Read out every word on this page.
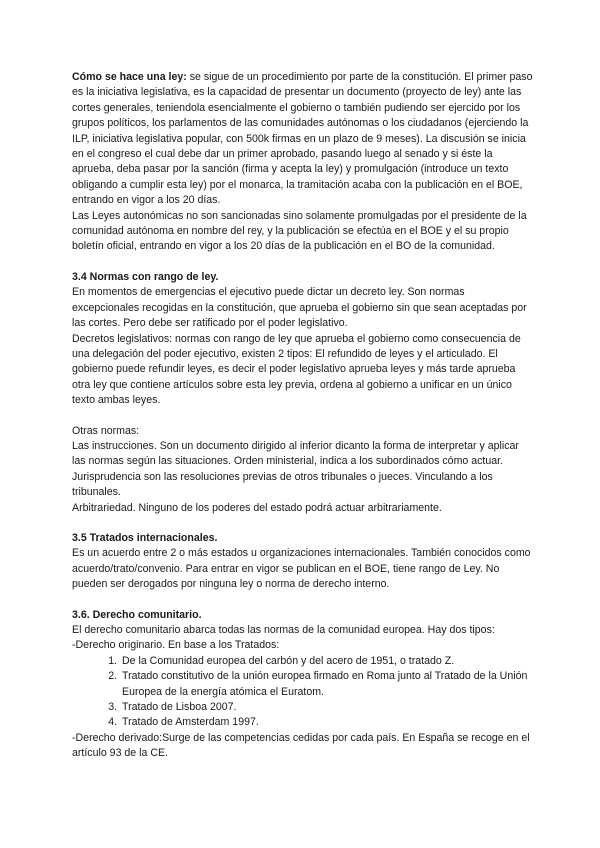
Cómo se hace una ley: se sigue de un procedimiento por parte de la constitución. El primer paso es la iniciativa legislativa, es la capacidad de presentar un documento (proyecto de ley) ante las cortes generales, teniendola esencialmente el gobierno o también pudiendo ser ejercido por los grupos políticos, los parlamentos de las comunidades autónomas o los ciudadanos (ejerciendo la ILP, iniciativa legislativa popular, con 500k firmas en un plazo de 9 meses). La discusión se inicia en el congreso el cual debe dar un primer aprobado, pasando luego al senado y si éste la aprueba, deba pasar por la sanción (firma y acepta la ley) y promulgación (introduce un texto obligando a cumplir esta ley) por el monarca, la tramitación acaba con la publicación en el BOE, entrando en vigor a los 20 días.

Las Leyes autonómicas no son sancionadas sino solamente promulgadas por el presidente de la comunidad autónoma en nombre del rey, y la publicación se efectúa en el BOE y el su propio boletín oficial, entrando en vigor a los 20 días de la publicación en el BO de la comunidad.

3.4 Normas con rango de ley.

En momentos de emergencias el ejecutivo puede dictar un decreto ley. Son normas excepcionales recogidas en la constitución, que aprueba el gobierno sin que sean aceptadas por las cortes. Pero debe ser ratificado por el poder legislativo.

Decretos legislativos: normas con rango de ley que aprueba el gobierno como consecuencia de una delegación del poder ejecutivo, existen 2 tipos: El refundido de leyes y el articulado. El gobierno puede refundir leyes, es decir el poder legislativo aprueba leyes y más tarde aprueba otra ley que contiene artículos sobre esta ley previa, ordena al gobierno a unificar en un único texto ambas leyes.

Otras normas:

Las instrucciones. Son un documento dirigido al inferior dicanto la forma de interpretar y aplicar las normas según las situaciones. Orden ministerial, indica a los subordinados cómo actuar.

Jurisprudencia son las resoluciones previas de otros tribunales o jueces. Vinculando a los tribunales.

Arbitrariedad. Ninguno de los poderes del estado podrá actuar arbitrariamente.

3.5 Tratados internacionales.

Es un acuerdo entre 2 o más estados u organizaciones internacionales. También conocidos como acuerdo/trato/convenio. Para entrar en vigor se publican en el BOE, tiene rango de Ley. No pueden ser derogados por ninguna ley o norma de derecho interno.

3.6. Derecho comunitario.

El derecho comunitario abarca todas las normas de la comunidad europea. Hay dos tipos:

-Derecho originario. En base a los Tratados:

1. De la Comunidad europea del carbón y del acero de 1951, o tratado Z.
2. Tratado constitutivo de la unión europea firmado en Roma junto al Tratado de la Unión Europea de la energía atómica el Euratom.
3. Tratado de Lisboa 2007.
4. Tratado de Amsterdam 1997.

-Derecho derivado:Surge de las competencias cedidas por cada país. En España se recoge en el artículo 93 de la CE.
